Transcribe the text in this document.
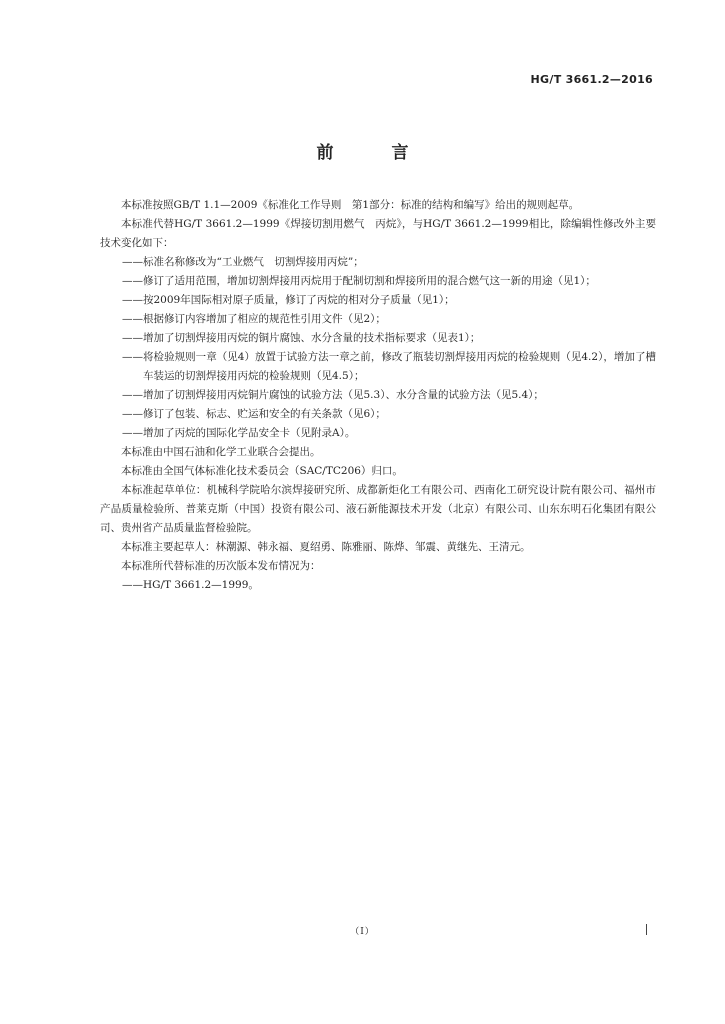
HG/T 3661.2—2016
前 言

本标准按照GB/T 1.1—2009《标准化工作导则　第1部分：标准的结构和编写》给出的规则起草。

本标准代替HG/T 3661.2—1999《焊接切割用燃气　丙烷》，与HG/T 3661.2—1999相比，除编辑性修改外主要技术变化如下：

——标准名称修改为“工业燃气　切割焊接用丙烷”；

——修订了适用范围，增加切割焊接用丙烷用于配制切割和焊接所用的混合燃气这一新的用途（见1）；

——按2009年国际相对原子质量，修订了丙烷的相对分子质量（见1）；

——根据修订内容增加了相应的规范性引用文件（见2）；

——增加了切割焊接用丙烷的铜片腐蚀、水分含量的技术指标要求（见表1）；

——将检验规则一章（见4）放置于试验方法一章之前，修改了瓶装切割焊接用丙烷的检验规则（见4.2），增加了槽车装运的切割焊接用丙烷的检验规则（见4.5）；

——增加了切割焊接用丙烷铜片腐蚀的试验方法（见5.3）、水分含量的试验方法（见5.4）；

——修订了包装、标志、贮运和安全的有关条款（见6）；

——增加了丙烷的国际化学品安全卡（见附录A）。

本标准由中国石油和化学工业联合会提出。

本标准由全国气体标准化技术委员会（SAC/TC206）归口。

本标准起草单位：机械科学院哈尔滨焊接研究所、成都新炬化工有限公司、西南化工研究设计院有限公司、福州市产品质量检验所、普莱克斯（中国）投资有限公司、液石新能源技术开发（北京）有限公司、山东东明石化集团有限公司、贵州省产品质量监督检验院。

本标准主要起草人：林潮源、韩永福、夏绍勇、陈雅丽、陈烨、邹震、黄继先、王清元。

本标准所代替标准的历次版本发布情况为：

——HG/T 3661.2—1999。

（Ⅰ）
